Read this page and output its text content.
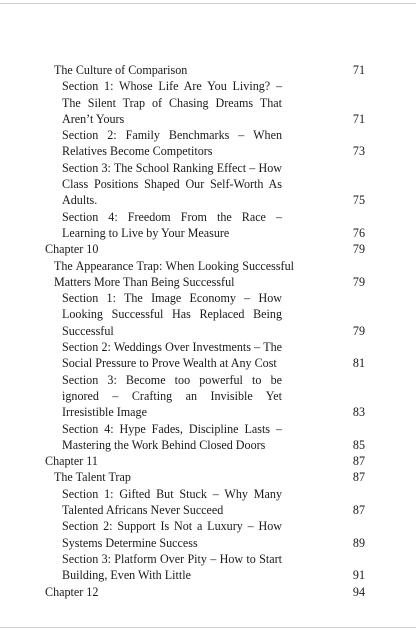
The Culture of Comparison	71
Section 1: Whose Life Are You Living? – The Silent Trap of Chasing Dreams That Aren’t Yours	71
Section 2: Family Benchmarks – When Relatives Become Competitors	73
Section 3: The School Ranking Effect – How Class Positions Shaped Our Self-Worth As Adults.	75
Section 4: Freedom From the Race – Learning to Live by Your Measure	76
Chapter 10	79
The Appearance Trap: When Looking Successful Matters More Than Being Successful	79
Section 1: The Image Economy – How Looking Successful Has Replaced Being Successful	79
Section 2: Weddings Over Investments – The Social Pressure to Prove Wealth at Any Cost	81
Section 3: Become too powerful to be ignored – Crafting an Invisible Yet Irresistible Image	83
Section 4: Hype Fades, Discipline Lasts – Mastering the Work Behind Closed Doors	85
Chapter 11	87
The Talent Trap	87
Section 1: Gifted But Stuck – Why Many Talented Africans Never Succeed	87
Section 2: Support Is Not a Luxury – How Systems Determine Success	89
Section 3: Platform Over Pity – How to Start Building, Even With Little	91
Chapter 12	94
